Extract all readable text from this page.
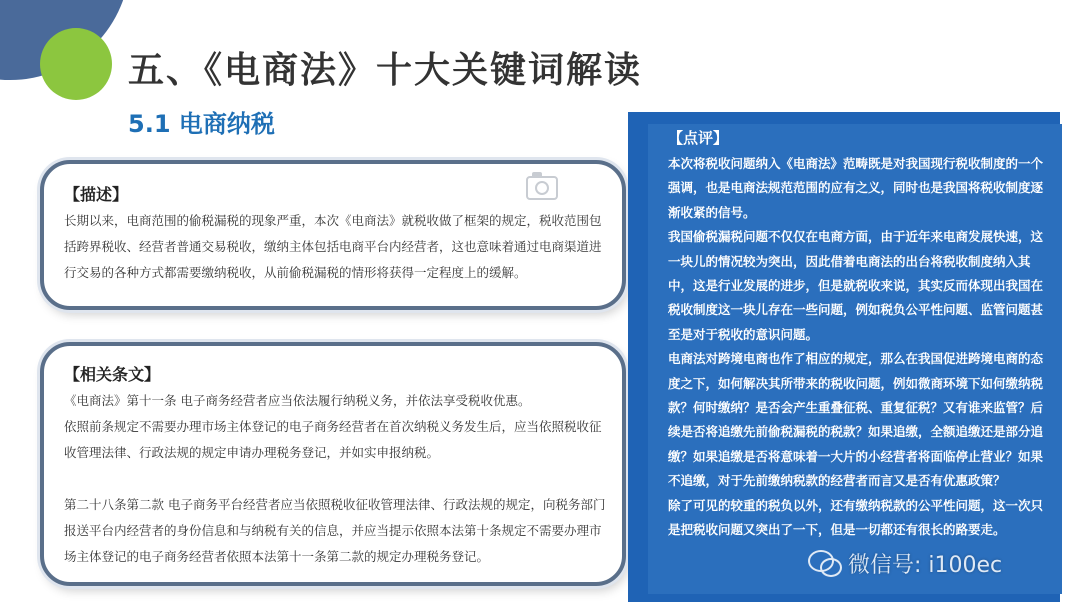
五、《电商法》十大关键词解读
5.1 电商纳税
【描述】

长期以来，电商范围的偷税漏税的现象严重，本次《电商法》就税收做了框架的规定，税收范围包括跨界税收、经营者普通交易税收，缴纳主体包括电商平台内经营者，这也意味着通过电商渠道进行交易的各种方式都需要缴纳税收，从前偷税漏税的情形将获得一定程度上的缓解。

【相关条文】

《电商法》第十一条 电子商务经营者应当依法履行纳税义务，并依法享受税收优惠。

依照前条规定不需要办理市场主体登记的电子商务经营者在首次纳税义务发生后，应当依照税收征收管理法律、行政法规的规定申请办理税务登记，并如实申报纳税。

第二十八条第二款 电子商务平台经营者应当依照税收征收管理法律、行政法规的规定，向税务部门报送平台内经营者的身份信息和与纳税有关的信息，并应当提示依照本法第十条规定不需要办理市场主体登记的电子商务经营者依照本法第十一条第二款的规定办理税务登记。

【点评】

本次将税收问题纳入《电商法》范畴既是对我国现行税收制度的一个强调，也是电商法规范范围的应有之义，同时也是我国将税收制度逐渐收紧的信号。

我国偷税漏税问题不仅仅在电商方面，由于近年来电商发展快速，这一块儿的情况较为突出，因此借着电商法的出台将税收制度纳入其中，这是行业发展的进步，但是就税收来说，其实反而体现出我国在税收制度这一块儿存在一些问题，例如税负公平性问题、监管问题甚至是对于税收的意识问题。

电商法对跨境电商也作了相应的规定，那么在我国促进跨境电商的态度之下，如何解决其所带来的税收问题，例如微商环境下如何缴纳税款？何时缴纳？是否会产生重叠征税、重复征税？又有谁来监管？后续是否将追缴先前偷税漏税的税款？如果追缴，全额追缴还是部分追缴？如果追缴是否将意味着一大片的小经营者将面临停止营业？如果不追缴，对于先前缴纳税款的经营者而言又是否有优惠政策？

除了可见的较重的税负以外，还有缴纳税款的公平性问题，这一次只是把税收问题又突出了一下，但是一切都还有很长的路要走。

微信号: i100ec
